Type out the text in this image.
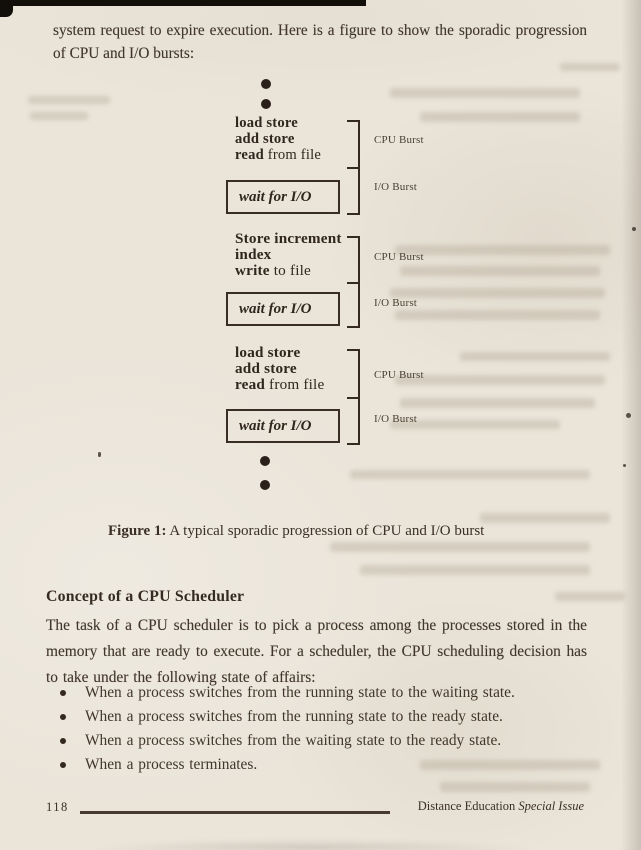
system request to expire execution. Here is a figure to show the sporadic progression
of CPU and I/O bursts:
load store
add store
read from file
wait for I/O
CPU Burst
I/O Burst
Store increment
index
write to file
wait for I/O
CPU Burst
I/O Burst
load store
add store
read from file
wait for I/O
CPU Burst
I/O Burst
Figure 1: A typical sporadic progression of CPU and I/O burst
Concept of a CPU Scheduler
The task of a CPU scheduler is to pick a process among the processes stored in the
memory that are ready to execute. For a scheduler, the CPU scheduling decision has
to take under the following state of affairs:
When a process switches from the running state to the waiting state.
When a process switches from the running state to the ready state.
When a process switches from the waiting state to the ready state.
When a process terminates.
118	Distance Education Special Issue
